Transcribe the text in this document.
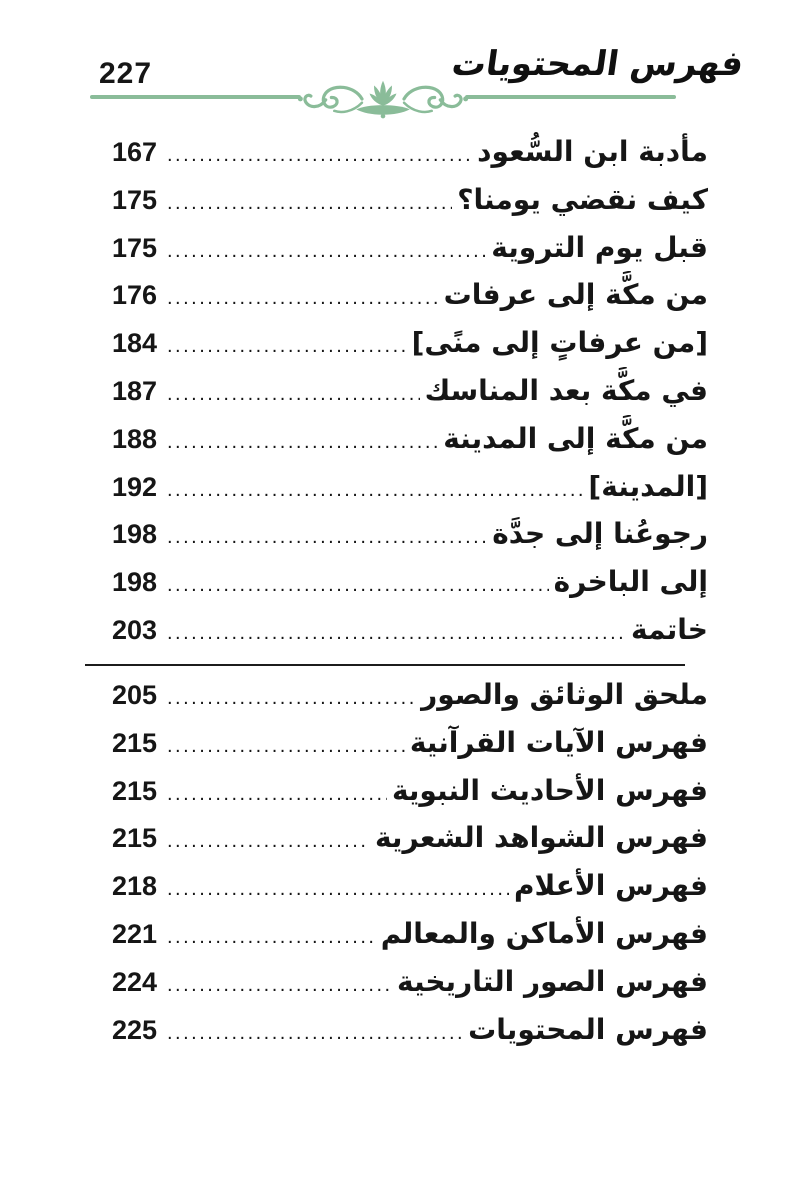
227	فهرس المحتويات
مأدبة ابن السُّعود
.....
167
كيف نقضي يومنا؟
.....
175
قبل يوم التروية
.....
175
من مكَّة إلى عرفات
.....
176
[من عرفاتٍ إلى منًى]
.....
184
في مكَّة بعد المناسك
.....
187
من مكَّة إلى المدينة
.....
188
[المدينة]
.....
192
رجوعُنا إلى جدَّة
.....
198
إلى الباخرة
.....
198
خاتمة
.....
203
ملحق الوثائق والصور
.....
205
فهرس الآيات القرآنية
.....
215
فهرس الأحاديث النبوية
.....
215
فهرس الشواهد الشعرية
.....
215
فهرس الأعلام
.....
218
فهرس الأماكن والمعالم
.....
221
فهرس الصور التاريخية
.....
224
فهرس المحتويات
.....
225
